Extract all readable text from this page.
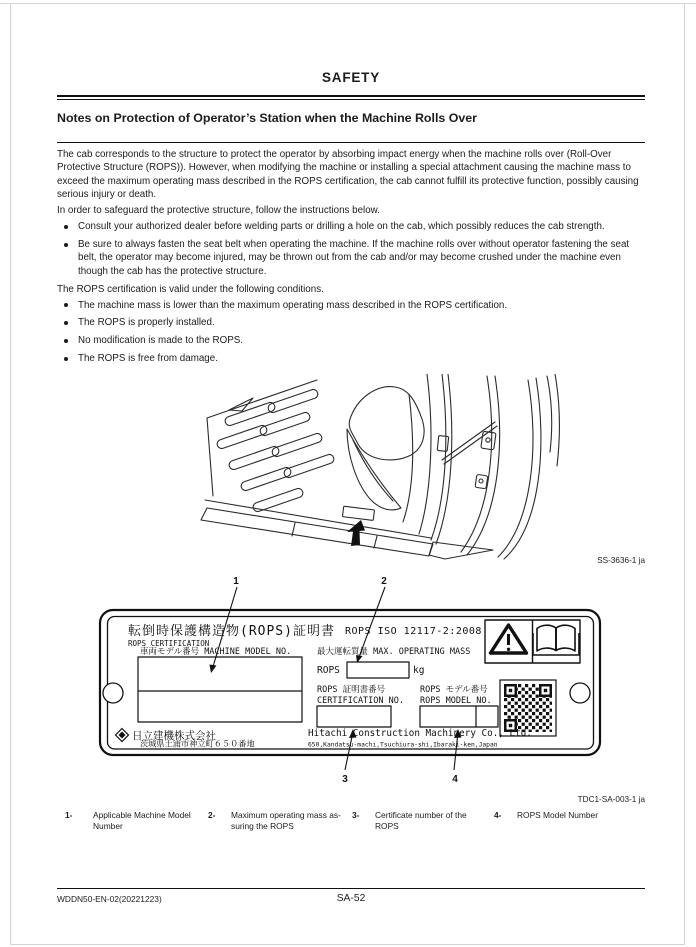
SAFETY
Notes on Protection of Operator’s Station when the Machine Rolls Over

The cab corresponds to the structure to protect the operator by absorbing impact energy when the machine rolls over (Roll-Over Protective Structure (ROPS)). However, when modifying the machine or installing a special attachment causing the machine mass to exceed the maximum operating mass described in the ROPS certification, the cab cannot fulfill its protective function, possibly causing serious injury or death.

In order to safeguard the protective structure, follow the instructions below.

Consult your authorized dealer before welding parts or drilling a hole on the cab, which possibly reduces the cab strength.
Be sure to always fasten the seat belt when operating the machine. If the machine rolls over without operator fastening the seat belt, the operator may become injured, may be thrown out from the cab and/or may become crushed under the machine even though the cab has the protective structure.

The ROPS certification is valid under the following conditions.

The machine mass is lower than the maximum operating mass described in the ROPS certification.
The ROPS is properly installed.
No modification is made to the ROPS.
The ROPS is free from damage.
SS-3636-1 ja
転倒時保護構造物(ROPS)証明書 ROPS ISO 12117-2:2008
ROPS CERTIFICATION
車両モデル番号 MACHINE MODEL NO.	最大運転質量 MAX. OPERATING MASS
ROPS	kg
ROPS 証明書番号
CERTIFICATION NO.
ROPS モデル番号
ROPS MODEL NO.
日立建機株式会社
茨城県土浦市神立町６５０番地
Hitachi Construction Machinery Co., Ltd.
650,Kandatsu-machi,Tsuchiura-shi,Ibaraki-ken,Japan
1	2
3	4
TDC1-SA-003-1 ja
1- Applicable Machine Model Number
2- Maximum operating mass as-suring the ROPS
3- Certificate number of the ROPS
4- ROPS Model Number
WDDN50-EN-02(20221223)	SA-52
